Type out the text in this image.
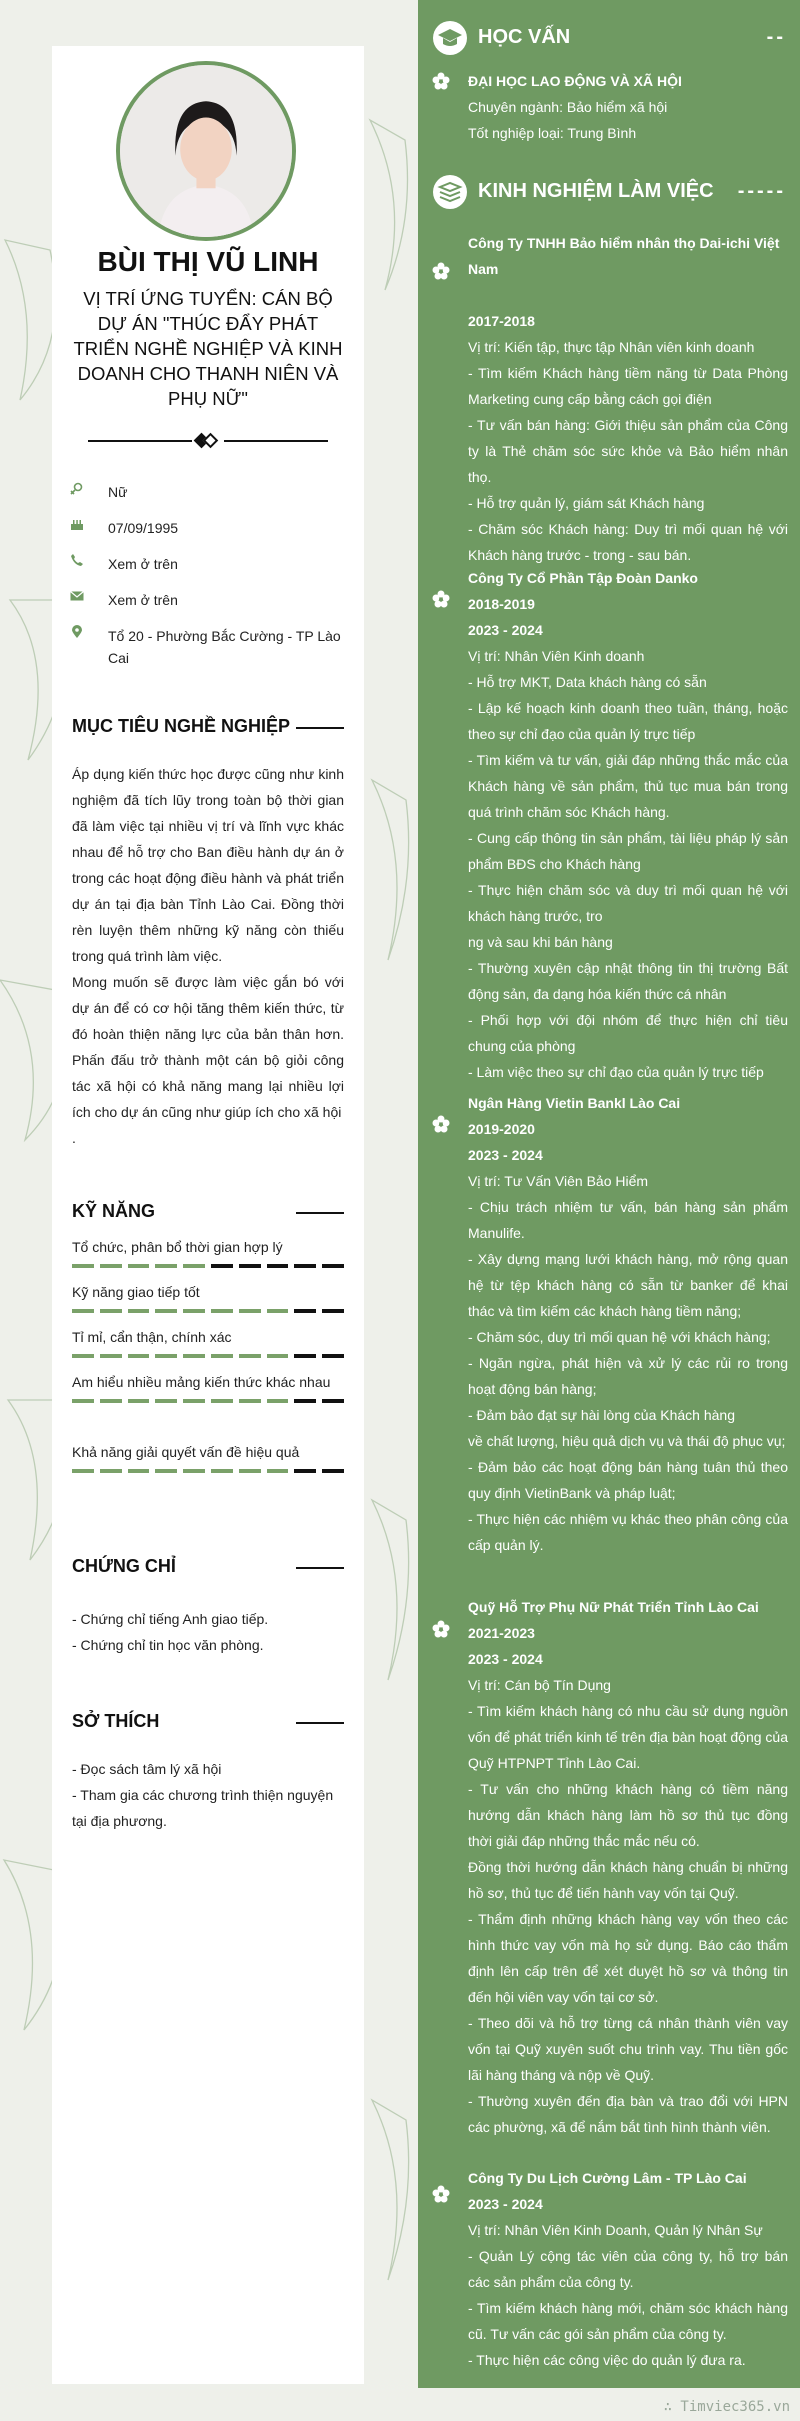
BÙI THỊ VŨ LINH
VỊ TRÍ ỨNG TUYỂN: CÁN BỘ DỰ ÁN "THÚC ĐẨY PHÁT TRIỂN NGHỀ NGHIỆP VÀ KINH DOANH CHO THANH NIÊN VÀ PHỤ NỮ"
Nữ
07/09/1995
Xem ở trên
Xem ở trên
Tổ 20 - Phường Bắc Cường - TP Lào Cai
MỤC TIÊU NGHỀ NGHIỆP
Áp dụng kiến thức học được cũng như kinh nghiệm đã tích lũy trong toàn bộ thời gian đã làm việc tại nhiều vị trí và lĩnh vực khác nhau để hỗ trợ cho Ban điều hành dự án ở trong các hoạt động điều hành và phát triển dự án tại địa bàn Tỉnh Lào Cai. Đồng thời rèn luyện thêm những kỹ năng còn thiếu trong quá trình làm việc.
Mong muốn sẽ được làm việc gắn bó với dự án để có cơ hội tăng thêm kiến thức, từ đó hoàn thiện năng lực của bản thân hơn. Phấn đấu trở thành một cán bộ giỏi công tác xã hội có khả năng mang lại nhiều lợi ích cho dự án cũng như giúp ích cho xã hội
.
KỸ NĂNG
Tổ chức, phân bổ thời gian hợp lý
Kỹ năng giao tiếp tốt
Tỉ mỉ, cẩn thận, chính xác
Am hiểu nhiều mảng kiến thức khác nhau
Khả năng giải quyết vấn đề hiệu quả
CHỨNG CHỈ
- Chứng chỉ tiếng Anh giao tiếp.
- Chứng chỉ tin học văn phòng.
SỞ THÍCH
- Đọc sách tâm lý xã hội
- Tham gia các chương trình thiện nguyện tại địa phương.
HỌC VẤN	--
ĐẠI HỌC LAO ĐỘNG VÀ XÃ HỘI
Chuyên ngành: Bảo hiểm xã hội
Tốt nghiệp loại: Trung Bình
KINH NGHIỆM LÀM VIỆC -----
Công Ty TNHH Bảo hiểm nhân thọ Dai-ichi Việt Nam

2017-2018
Vị trí: Kiến tập, thực tập Nhân viên kinh doanh
- Tìm kiếm Khách hàng tiềm năng từ Data Phòng Marketing cung cấp bằng cách gọi điện
- Tư vấn bán hàng: Giới thiệu sản phẩm của Công ty là Thẻ chăm sóc sức khỏe và Bảo hiểm nhân thọ.
- Hỗ trợ quản lý, giám sát Khách hàng
- Chăm sóc Khách hàng: Duy trì mối quan hệ với Khách hàng trước - trong - sau bán.
Công Ty Cổ Phần Tập Đoàn Danko
2018-2019
2023 - 2024
Vị trí: Nhân Viên Kinh doanh
- Hỗ trợ MKT, Data khách hàng có sẵn
- Lập kế hoạch kinh doanh theo tuần, tháng, hoặc theo sự chỉ đạo của quản lý trực tiếp
- Tìm kiếm và tư vấn, giải đáp những thắc mắc của Khách hàng về sản phẩm, thủ tục mua bán trong quá trình chăm sóc Khách hàng.
- Cung cấp thông tin sản phẩm, tài liệu pháp lý sản phẩm BĐS cho Khách hàng
- Thực hiện chăm sóc và duy trì mối quan hệ với khách hàng trước, tro
ng và sau khi bán hàng
- Thường xuyên cập nhật thông tin thị trường Bất động sản, đa dạng hóa kiến thức cá nhân
- Phối hợp với đội nhóm để thực hiện chỉ tiêu chung của phòng
- Làm việc theo sự chỉ đạo của quản lý trực tiếp
Ngân Hàng Vietin Bankl Lào Cai
2019-2020
2023 - 2024
Vị trí: Tư Vấn Viên Bảo Hiểm
- Chịu trách nhiệm tư vấn, bán hàng sản phẩm Manulife.
- Xây dựng mạng lưới khách hàng, mở rộng quan hệ từ tệp khách hàng có sẵn từ banker để khai thác và tìm kiếm các khách hàng tiềm năng;
- Chăm sóc, duy trì mối quan hệ với khách hàng;
- Ngăn ngừa, phát hiện và xử lý các rủi ro trong hoạt động bán hàng;
- Đảm bảo đạt sự hài lòng của Khách hàng
về chất lượng, hiệu quả dịch vụ và thái độ phục vụ;
- Đảm bảo các hoạt động bán hàng tuân thủ theo quy định VietinBank và pháp luật;
- Thực hiện các nhiệm vụ khác theo phân công của cấp quản lý.
Quỹ Hỗ Trợ Phụ Nữ Phát Triển Tỉnh Lào Cai
2021-2023
2023 - 2024
Vị trí: Cán bộ Tín Dụng
- Tìm kiếm khách hàng có nhu cầu sử dụng nguồn vốn để phát triển kinh tế trên địa bàn hoạt động của Quỹ HTPNPT Tỉnh Lào Cai.
- Tư vấn cho những khách hàng có tiềm năng hướng dẫn khách hàng làm hồ sơ thủ tục đồng thời giải đáp những thắc mắc nếu có.
Đồng thời hướng dẫn khách hàng chuẩn bị những hồ sơ, thủ tục để tiến hành vay vốn tại Quỹ.
- Thẩm định những khách hàng vay vốn theo các hình thức vay vốn mà họ sử dụng. Báo cáo thẩm định lên cấp trên để xét duyệt hồ sơ và thông tin đến hội viên vay vốn tại cơ sở.
- Theo dõi và hỗ trợ từng cá nhân thành viên vay vốn tại Quỹ xuyên suốt chu trình vay. Thu tiền gốc lãi hàng tháng và nộp về Quỹ.
- Thường xuyên đến địa bàn và trao đổi với HPN các phường, xã để nắm bắt tình hình thành viên.
Công Ty Du Lịch Cường Lâm - TP Lào Cai
2023 - 2024
Vị trí: Nhân Viên Kinh Doanh, Quản lý Nhân Sự
- Quản Lý cộng tác viên của công ty, hỗ trợ bán các sản phẩm của công ty.
- Tìm kiếm khách hàng mới, chăm sóc khách hàng cũ. Tư vấn các gói sản phẩm của công ty.
- Thực hiện các công việc do quản lý đưa ra.
∴ Timviec365.vn
